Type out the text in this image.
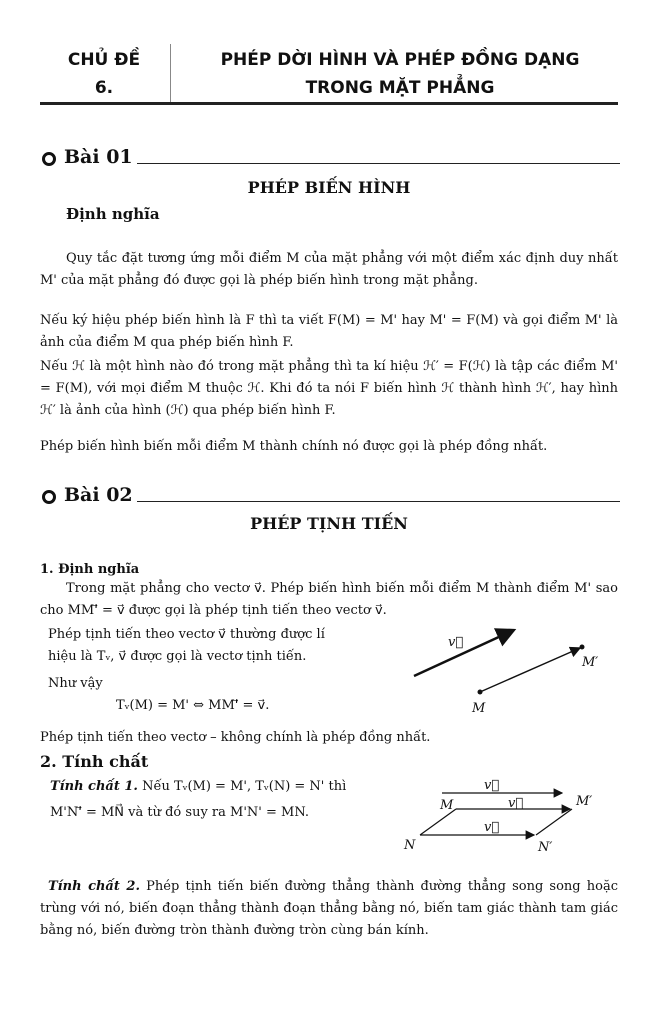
CHỦ ĐỀ
6.
PHÉP DỜI HÌNH VÀ PHÉP ĐỒNG DẠNG
TRONG MẶT PHẲNG
Bài 01
PHÉP BIẾN HÌNH
Định nghĩa
Quy tắc đặt tương ứng mỗi điểm M của mặt phẳng với một điểm xác định duy nhất M' của mặt phẳng đó được gọi là phép biến hình trong mặt phẳng.
Nếu ký hiệu phép biến hình là F thì ta viết F(M) = M' hay M' = F(M) và gọi điểm M' là ảnh của điểm M qua phép biến hình F.
Nếu ℋ là một hình nào đó trong mặt phẳng thì ta kí hiệu ℋ′ = F(ℋ) là tập các điểm M' = F(M), với mọi điểm M thuộc ℋ. Khi đó ta nói F biến hình ℋ thành hình ℋ′, hay hình ℋ′ là ảnh của hình (ℋ) qua phép biến hình F.
Phép biến hình biến mỗi điểm M thành chính nó được gọi là phép đồng nhất.
Bài 02
PHÉP TỊNH TIẾN
1. Định nghĩa
Trong mặt phẳng cho vectơ v⃗. Phép biến hình biến mỗi điểm M thành điểm M' sao cho MM'⃗ = v⃗ được gọi là phép tịnh tiến theo vectơ v⃗.
Phép tịnh tiến theo vectơ v⃗ thường được lí
hiệu là Tᵥ, v⃗ được gọi là vectơ tịnh tiến.
Như vậy
Tᵥ(M) = M' ⇔ MM'⃗ = v⃗.
v⃗
M
M′
Phép tịnh tiến theo vectơ – không chính là phép đồng nhất.
2. Tính chất
Tính chất 1. Nếu Tᵥ(M) = M', Tᵥ(N) = N' thì
M'N'⃗ = MN⃗ và từ đó suy ra M'N' = MN.
v⃗
v⃗
v⃗
M	M′
N	N′
Tính chất 2. Phép tịnh tiến biến đường thẳng thành đường thẳng song song hoặc trùng với nó, biến đoạn thẳng thành đoạn thẳng bằng nó, biến tam giác thành tam giác bằng nó, biến đường tròn thành đường tròn cùng bán kính.
